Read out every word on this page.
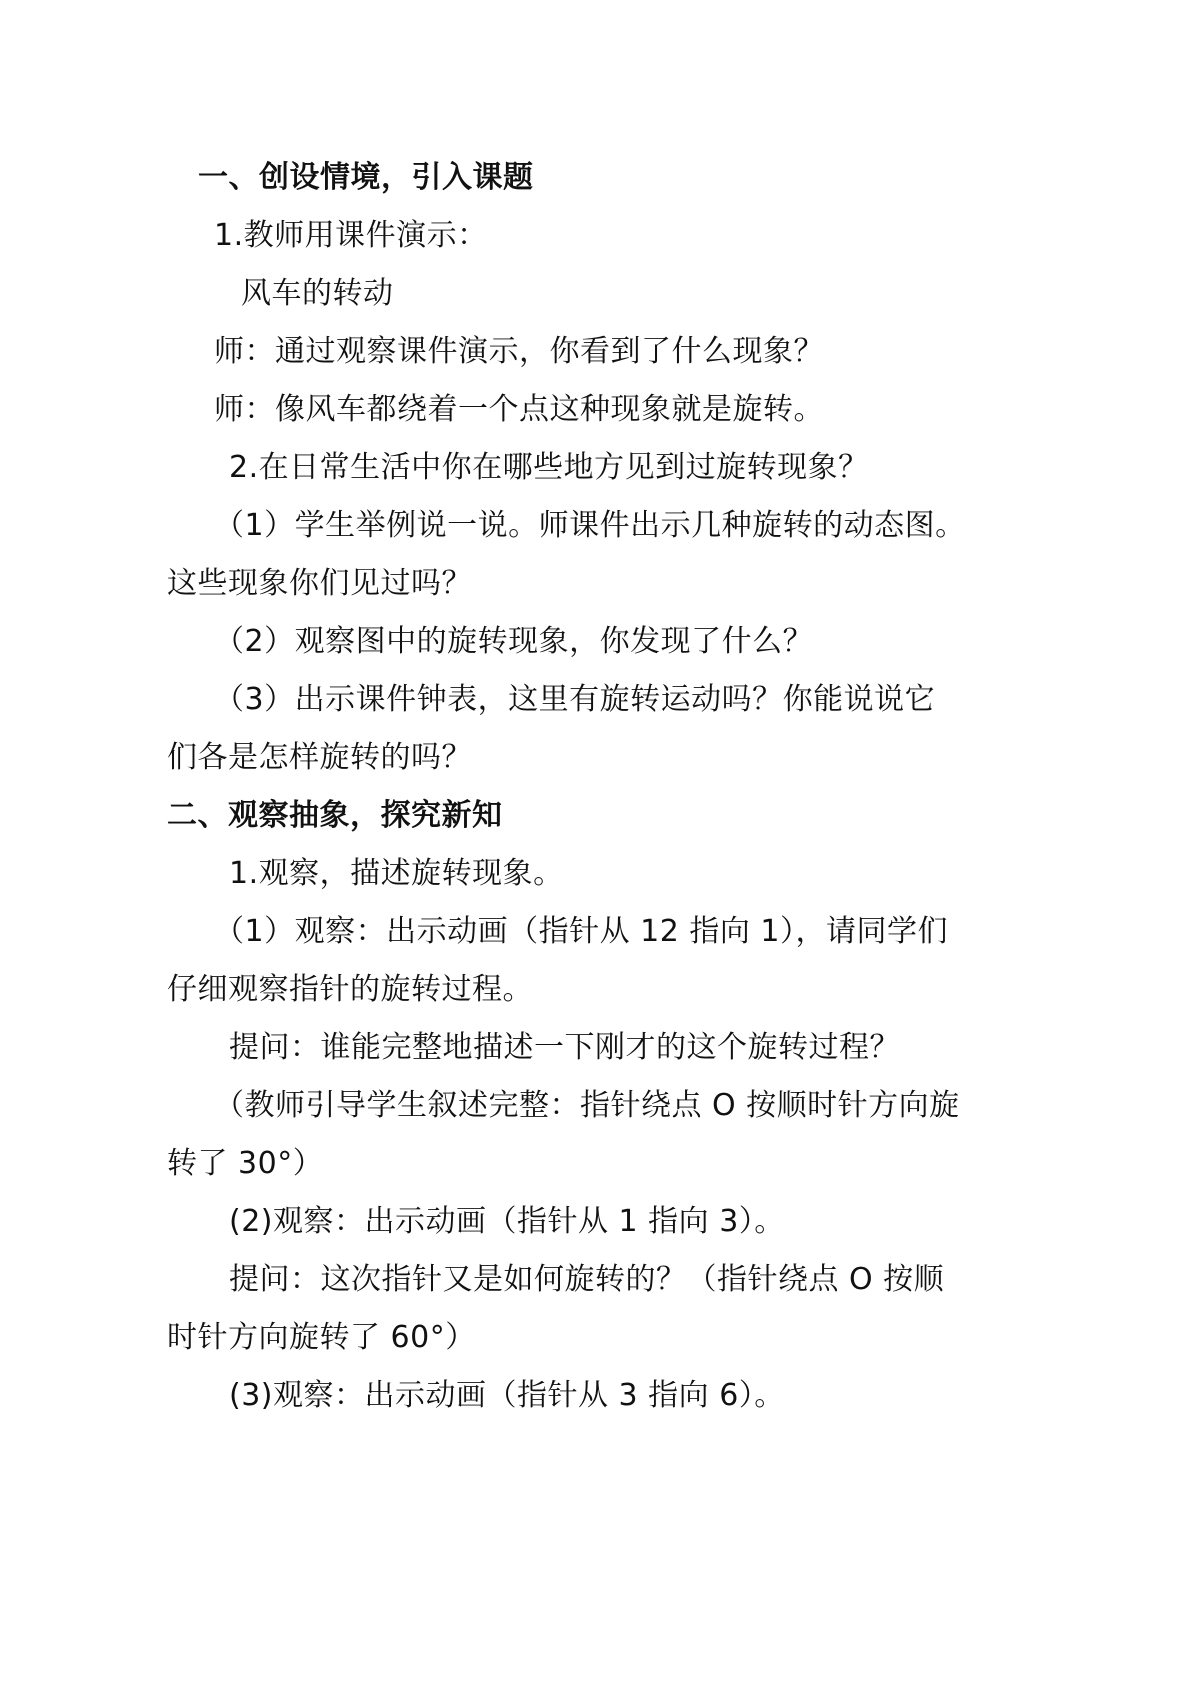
一、创设情境，引入课题
1.教师用课件演示：
风车的转动
师：通过观察课件演示，你看到了什么现象？
师：像风车都绕着一个点这种现象就是旋转。
2.在日常生活中你在哪些地方见到过旋转现象？
（1）学生举例说一说。师课件出示几种旋转的动态图。
这些现象你们见过吗？
（2）观察图中的旋转现象，你发现了什么？
（3）出示课件钟表，这里有旋转运动吗？你能说说它
们各是怎样旋转的吗？
二、观察抽象，探究新知
1.观察，描述旋转现象。
（1）观察：出示动画（指针从 12 指向 1），请同学们
仔细观察指针的旋转过程。
提问：谁能完整地描述一下刚才的这个旋转过程？
（教师引导学生叙述完整：指针绕点 O 按顺时针方向旋
转了 30°）
(2)观察：出示动画（指针从 1 指向 3）。
提问：这次指针又是如何旋转的？（指针绕点 O 按顺
时针方向旋转了 60°）
(3)观察：出示动画（指针从 3 指向 6）。
